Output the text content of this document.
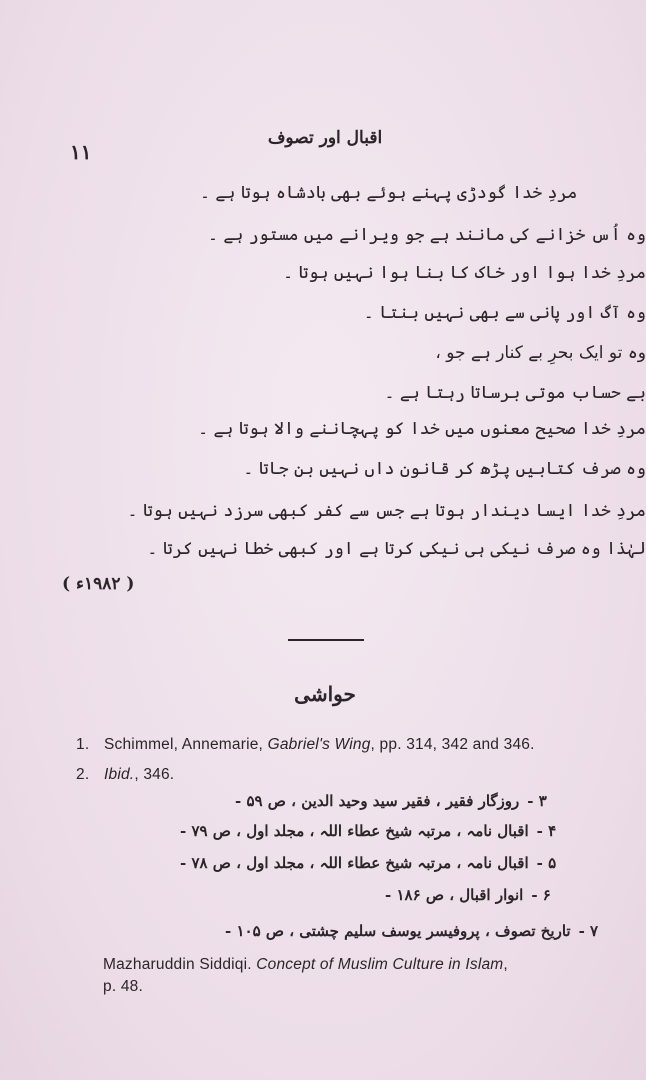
۱۱
اقبال اور تصوف
مردِ خدا گودڑی پہنے ہوئے بھی بادشاہ ہوتا ہے ۔
وہ اُس خزانے کی مانند ہے جو ویرانے میں مستور ہے ۔
مردِ خدا ہوا اور خاک کا بنا ہوا نہیں ہوتا ۔
وہ آگ اور پانی سے بھی نہیں بنتا ۔
وہ تو ایک بحرِ بے کنار ہے جو ،
بے حساب موتی برساتا رہتا ہے ۔
مردِ خدا صحیح معنوں میں خدا کو پہچاننے والا ہوتا ہے ۔
وہ صرف کتابیں پڑھ کر قانون داں نہیں بن جاتا ۔
مردِ خدا ایسا دیندار ہوتا ہے جس سے کفر کبھی سرزد نہیں ہوتا ۔
لہٰذا وہ صرف نیکی ہی نیکی کرتا ہے اور کبھی خطا نہیں کرتا ۔
( ۱۹۸۲ء )
حواشی
1. Schimmel, Annemarie, Gabriel's Wing, pp. 314, 342 and 346.
2. Ibid., 346.
۳ -روزگار فقیر ، فقیر سید وحید الدین ، ص ۵۹ -
۴ -اقبال نامہ ، مرتبہ شیخ عطاء اللہ ، مجلد اول ، ص ۷۹ -
۵ -اقبال نامہ ، مرتبہ شیخ عطاء اللہ ، مجلد اول ، ص ۷۸ -
۶ -انوار اقبال ، ص ۱۸۶ -
۷ -تاریخ تصوف ، پروفیسر یوسف سلیم چشتی ، ص ۱۰۵ -
Mazharuddin Siddiqi. Concept of Muslim Culture in Islam,
p. 48.
